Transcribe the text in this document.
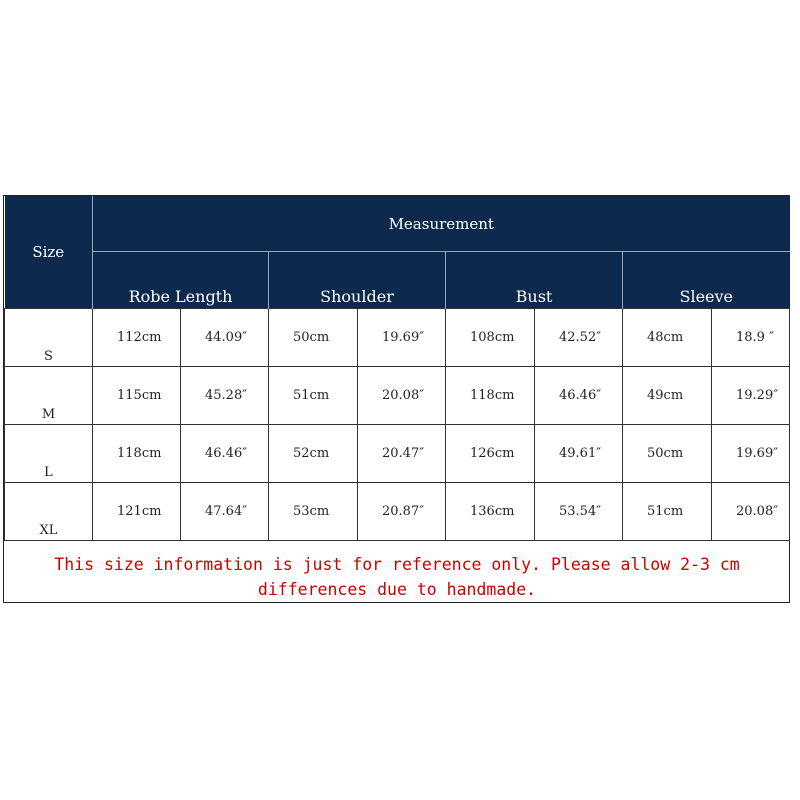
Size	Measurement							
	Robe Length		Shoulder		Bust		Sleeve	
S	112cm	44.09″	50cm	19.69″	108cm	42.52″	48cm	18.9 ″
M	115cm	45.28″	51cm	20.08″	118cm	46.46″	49cm	19.29″
L	118cm	46.46″	52cm	20.47″	126cm	49.61″	50cm	19.69″
XL	121cm	47.64″	53cm	20.87″	136cm	53.54″	51cm	20.08″
This size information is just for reference only. Please allow 2-3 cm differences due to handmade.								
